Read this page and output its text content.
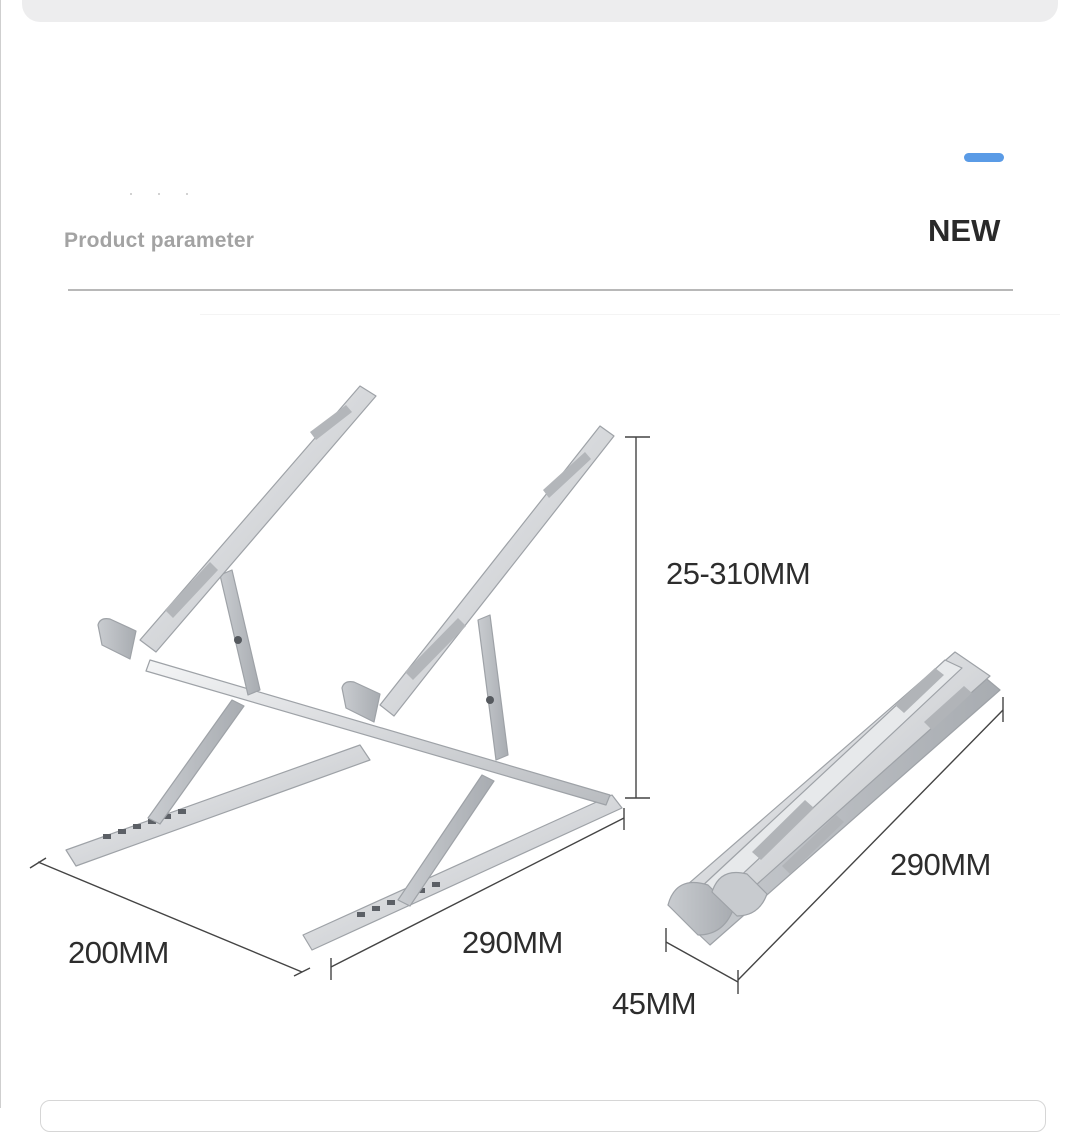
Product parameter	NEW
25-310MM
200MM	290MM
290MM
45MM
